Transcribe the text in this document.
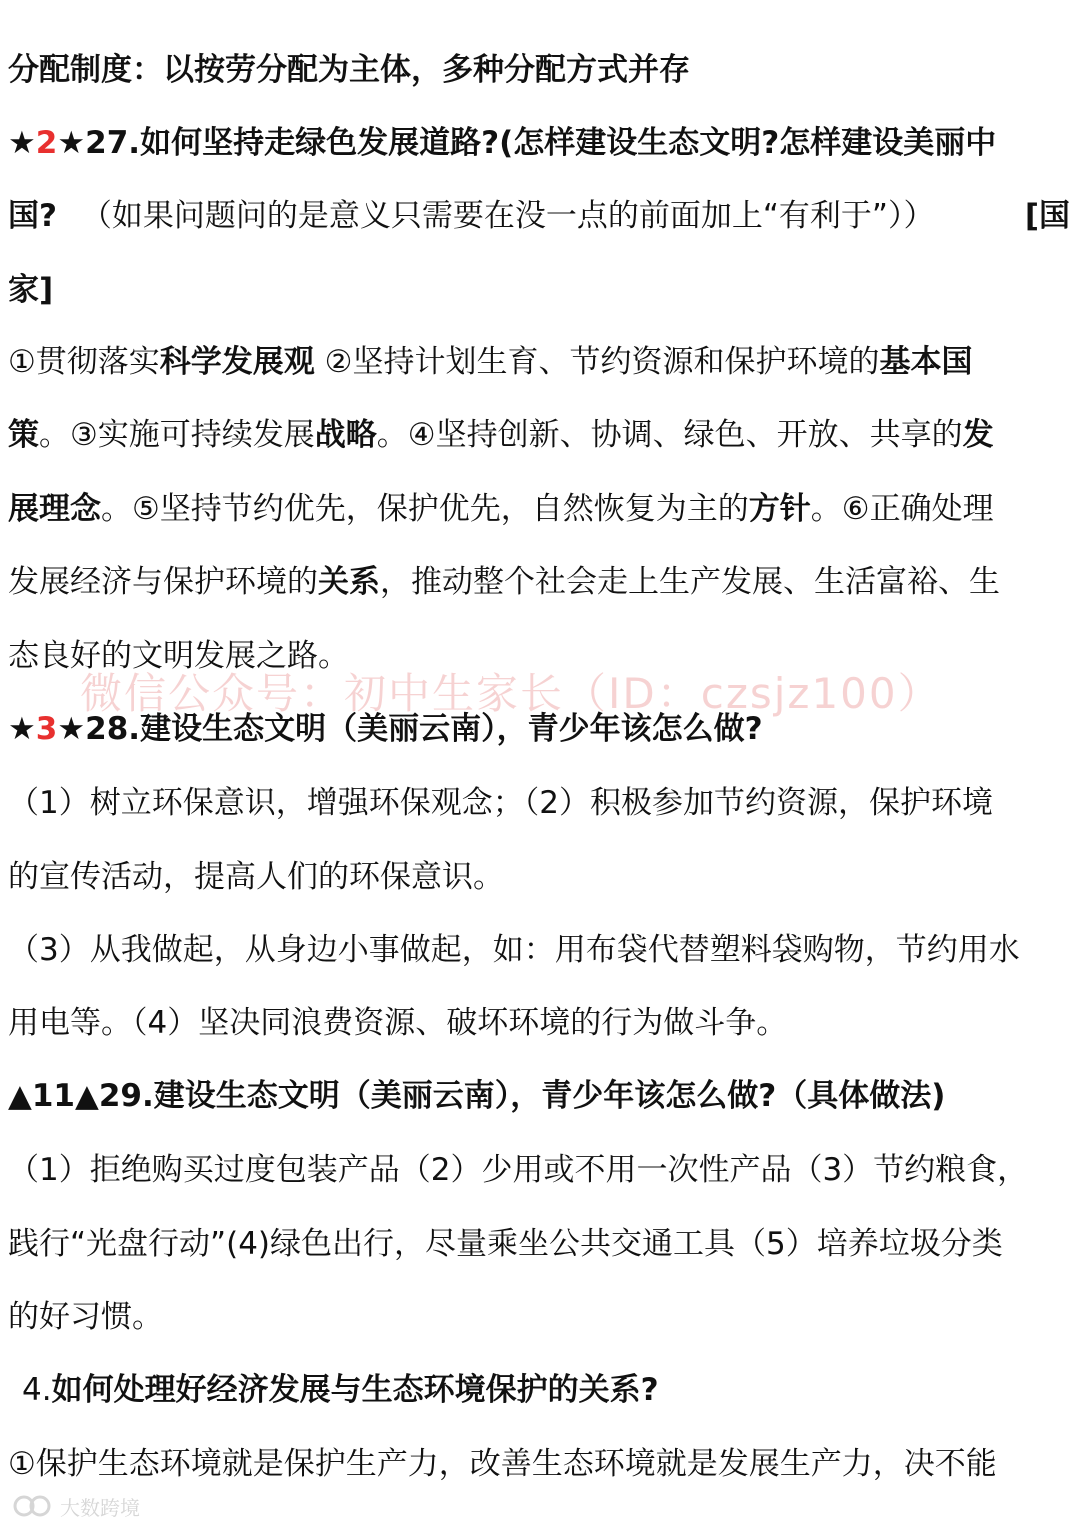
分配制度：以按劳分配为主体，多种分配方式并存
★2★27.如何坚持走绿色发展道路?(怎样建设生态文明?怎样建设美丽中
国? （如果问题问的是意义只需要在没一点的前面加上“有利于”））	[国
家]
①贯彻落实科学发展观 ②坚持计划生育、节约资源和保护环境的基本国
策。③实施可持续发展战略。④坚持创新、协调、绿色、开放、共享的发
展理念。⑤坚持节约优先，保护优先，自然恢复为主的方针。⑥正确处理
发展经济与保护环境的关系，推动整个社会走上生产发展、生活富裕、生
态良好的文明发展之路。
微信公众号：初中生家长（ID：czsjz100）
★3★28.建设生态文明（美丽云南），青少年该怎么做?
（1）树立环保意识，增强环保观念；（2）积极参加节约资源，保护环境
的宣传活动，提高人们的环保意识。
（3）从我做起，从身边小事做起，如：用布袋代替塑料袋购物，节约用水
用电等。（4）坚决同浪费资源、破坏环境的行为做斗争。
▲11▲29.建设生态文明（美丽云南），青少年该怎么做?（具体做法)
（1）拒绝购买过度包装产品（2）少用或不用一次性产品（3）节约粮食，
践行“光盘行动”(4)绿色出行，尽量乘坐公共交通工具（5）培养垃圾分类
的好习惯。
4.如何处理好经济发展与生态环境保护的关系?
①保护生态环境就是保护生产力，改善生态环境就是发展生产力，决不能
大数跨境
